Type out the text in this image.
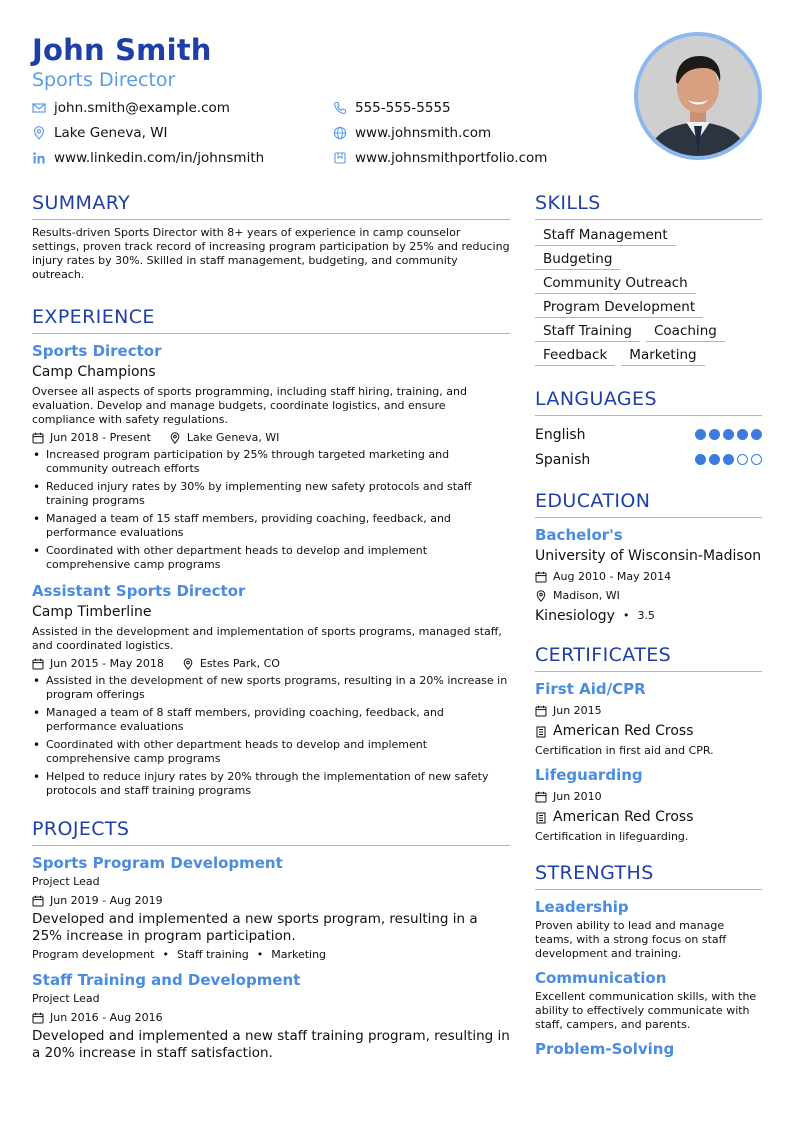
John Smith
Sports Director
john.smith@example.com	555-555-5555
Lake Geneva, WI	www.johnsmith.com
www.linkedin.com/in/johnsmith	www.johnsmithportfolio.com
SUMMARY
Results-driven Sports Director with 8+ years of experience in camp counselor settings, proven track record of increasing program participation by 25% and reducing injury rates by 30%. Skilled in staff management, budgeting, and community outreach.
EXPERIENCE
Sports Director
Camp Champions
Oversee all aspects of sports programming, including staff hiring, training, and evaluation. Develop and manage budgets, coordinate logistics, and ensure compliance with safety regulations.
Jun 2018 - Present	Lake Geneva, WI
• Increased program participation by 25% through targeted marketing and community outreach efforts
• Reduced injury rates by 30% by implementing new safety protocols and staff training programs
• Managed a team of 15 staff members, providing coaching, feedback, and performance evaluations
• Coordinated with other department heads to develop and implement comprehensive camp programs
Assistant Sports Director
Camp Timberline
Assisted in the development and implementation of sports programs, managed staff, and coordinated logistics.
Jun 2015 - May 2018	Estes Park, CO
• Assisted in the development of new sports programs, resulting in a 20% increase in program offerings
• Managed a team of 8 staff members, providing coaching, feedback, and performance evaluations
• Coordinated with other department heads to develop and implement comprehensive camp programs
• Helped to reduce injury rates by 20% through the implementation of new safety protocols and staff training programs
PROJECTS
Sports Program Development
Project Lead
Jun 2019 - Aug 2019
Developed and implemented a new sports program, resulting in a 25% increase in program participation.
Program development • Staff training • Marketing
Staff Training and Development
Project Lead
Jun 2016 - Aug 2016
Developed and implemented a new staff training program, resulting in a 20% increase in staff satisfaction.
SKILLS
Staff Management
Budgeting
Community Outreach
Program Development
Staff Training	Coaching
Feedback	Marketing
LANGUAGES
English
Spanish
EDUCATION
Bachelor's
University of Wisconsin-Madison
Aug 2010 - May 2014
Madison, WI
Kinesiology • 3.5
CERTIFICATES
First Aid/CPR
Jun 2015
American Red Cross
Certification in first aid and CPR.
Lifeguarding
Jun 2010
American Red Cross
Certification in lifeguarding.
STRENGTHS
Leadership
Proven ability to lead and manage teams, with a strong focus on staff development and training.
Communication
Excellent communication skills, with the ability to effectively communicate with staff, campers, and parents.
Problem-Solving
